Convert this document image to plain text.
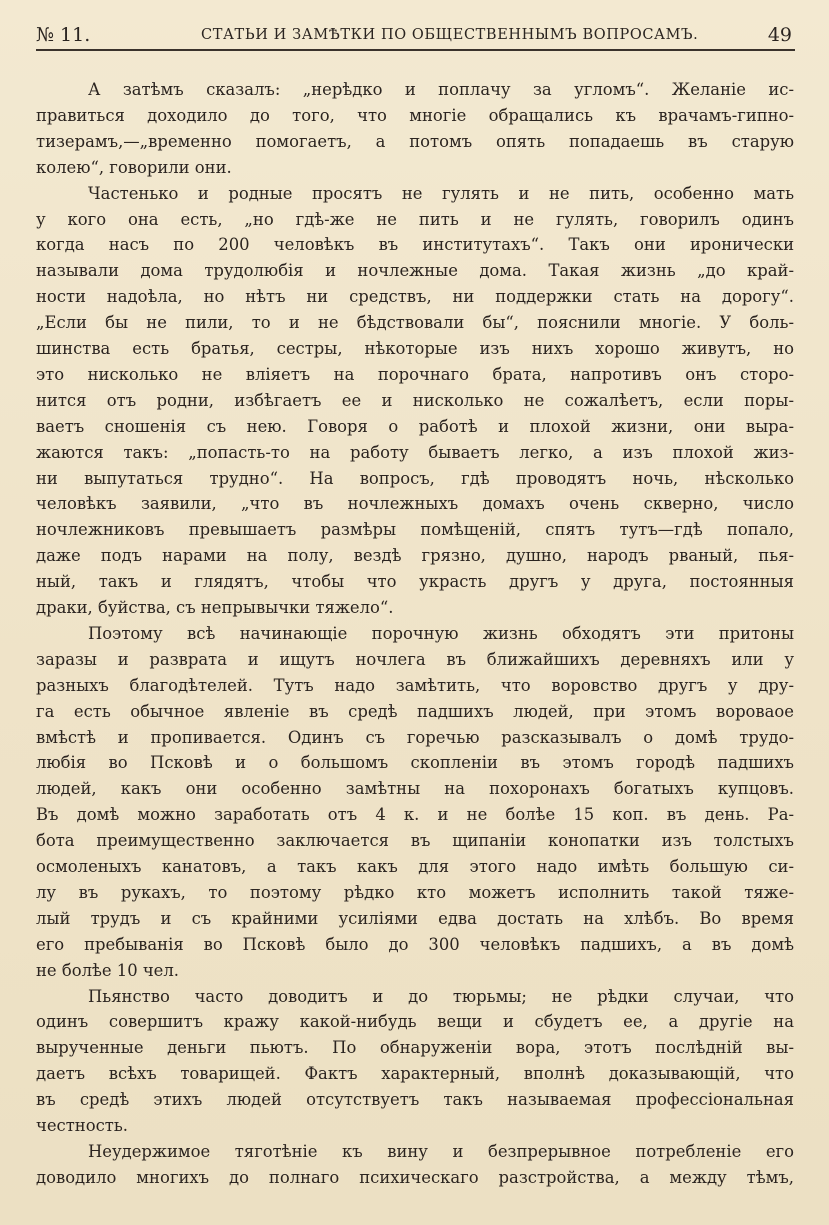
№ 11.	СТАТЬИ И ЗАМѢТКИ ПО ОБЩЕСТВЕННЫМЪ ВОПРОСАМЪ.	49
А затѣмъ сказалъ: „нерѣдко и поплачу за угломъ“. Желаніе ис-
правиться доходило до того, что многіе обращались къ врачамъ-гипно-
тизерамъ,—„временно помогаетъ, а потомъ опять попадаешь въ старую
колею“, говорили они.
Частенько и родные просятъ не гулять и не пить, особенно мать
у кого она есть, „но гдѣ-же не пить и не гулять, говорилъ одинъ
когда насъ по 200 человѣкъ въ институтахъ“. Такъ они иронически
называли дома трудолюбія и ночлежные дома. Такая жизнь „до край-
ности надоѣла, но нѣтъ ни средствъ, ни поддержки стать на дорогу“.
„Если бы не пили, то и не бѣдствовали бы“, пояснили многіе. У боль-
шинства есть братья, сестры, нѣкоторые изъ нихъ хорошо живутъ, но
это нисколько не вліяетъ на порочнаго брата, напротивъ онъ сторо-
нится отъ родни, избѣгаетъ ее и нисколько не сожалѣетъ, если поры-
ваетъ сношенія съ нею. Говоря о работѣ и плохой жизни, они выра-
жаются такъ: „попасть-то на работу бываетъ легко, а изъ плохой жиз-
ни выпутаться трудно“. На вопросъ, гдѣ проводятъ ночь, нѣсколько
человѣкъ заявили, „что въ ночлежныхъ домахъ очень скверно, число
ночлежниковъ превышаетъ размѣры помѣщеній, спятъ тутъ—гдѣ попало,
даже подъ нарами на полу, вездѣ грязно, душно, народъ рваный, пья-
ный, такъ и глядятъ, чтобы что украсть другъ у друга, постоянныя
драки, буйства, съ непрывычки тяжело“.
Поэтому всѣ начинающіе порочную жизнь обходятъ эти притоны
заразы и разврата и ищутъ ночлега въ ближайшихъ деревняхъ или у
разныхъ благодѣтелей. Тутъ надо замѣтить, что воровство другъ у дру-
га есть обычное явленіе въ средѣ падшихъ людей, при этомъ вороваое
вмѣстѣ и пропивается. Одинъ съ горечью разсказывалъ о домѣ трудо-
любія во Псковѣ и о большомъ скопленіи въ этомъ городѣ падшихъ
людей, какъ они особенно замѣтны на похоронахъ богатыхъ купцовъ.
Въ домѣ можно заработать отъ 4 к. и не болѣе 15 коп. въ день. Ра-
бота преимущественно заключается въ щипаніи конопатки изъ толстыхъ
осмоленыхъ канатовъ, а такъ какъ для этого надо имѣть большую си-
лу въ рукахъ, то поэтому рѣдко кто можетъ исполнить такой тяже-
лый трудъ и съ крайними усиліями едва достать на хлѣбъ. Во время
его пребыванія во Псковѣ было до 300 человѣкъ падшихъ, а въ домѣ
не болѣе 10 чел.
Пьянство часто доводитъ и до тюрьмы; не рѣдки случаи, что
одинъ совершитъ кражу какой-нибудь вещи и сбудетъ ее, а другіе на
вырученные деньги пьютъ. По обнаруженіи вора, этотъ послѣдній вы-
даетъ всѣхъ товарищей. Фактъ характерный, вполнѣ доказывающій, что
въ средѣ этихъ людей отсутствуетъ такъ называемая профессіональная
честность.
Неудержимое тяготѣніе къ вину и безпрерывное потребленіе его
доводило многихъ до полнаго психическаго разстройства, а между тѣмъ,
